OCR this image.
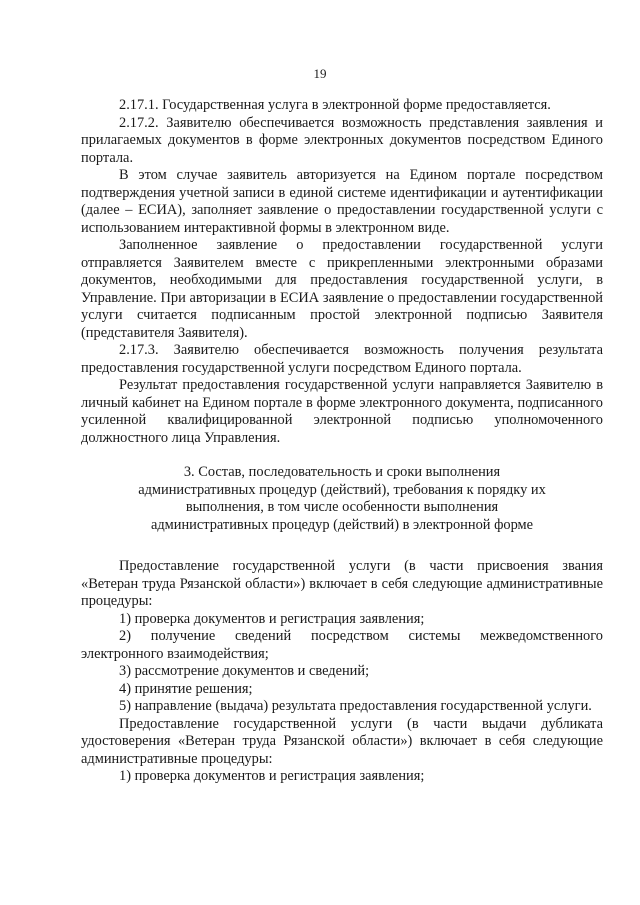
19

2.17.1. Государственная услуга в электронной форме предоставляется.

2.17.2. Заявителю обеспечивается возможность представления заявления и прилагаемых документов в форме электронных документов посредством Единого портала.

В этом случае заявитель авторизуется на Едином портале посредством подтверждения учетной записи в единой системе идентификации и аутентификации (далее – ЕСИА), заполняет заявление о предоставлении государственной услуги с использованием интерактивной формы в электронном виде.

Заполненное заявление о предоставлении государственной услуги отправляется Заявителем вместе с прикрепленными электронными образами документов, необходимыми для предоставления государственной услуги, в Управление. При авторизации в ЕСИА заявление о предоставлении государственной услуги считается подписанным простой электронной подписью Заявителя (представителя Заявителя).

2.17.3. Заявителю обеспечивается возможность получения результата предоставления государственной услуги посредством Единого портала.

Результат предоставления государственной услуги направляется Заявителю в личный кабинет на Едином портале в форме электронного документа, подписанного усиленной квалифицированной электронной подписью уполномоченного должностного лица Управления.

3. Состав, последовательность и сроки выполнения
административных процедур (действий), требования к порядку их
выполнения, в том числе особенности выполнения
административных процедур (действий) в электронной форме

Предоставление государственной услуги (в части присвоения звания «Ветеран труда Рязанской области») включает в себя следующие административные процедуры:

1) проверка документов и регистрация заявления;

2) получение сведений посредством системы межведомственного электронного взаимодействия;

3) рассмотрение документов и сведений;

4) принятие решения;

5) направление (выдача) результата предоставления государственной услуги.

Предоставление государственной услуги (в части выдачи дубликата удостоверения «Ветеран труда Рязанской области») включает в себя следующие административные процедуры:

1) проверка документов и регистрация заявления;
